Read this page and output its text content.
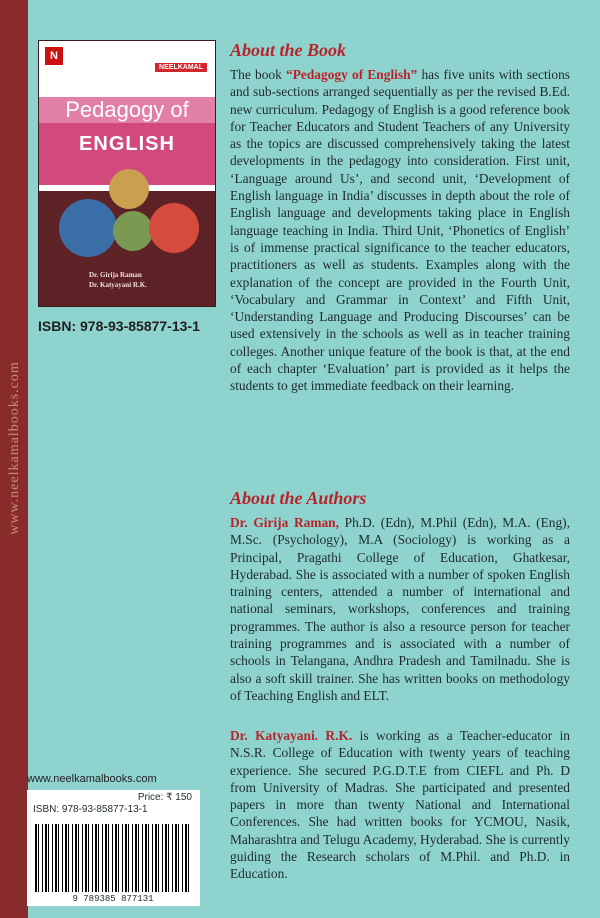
www.neelkamalbooks.com
N
NEELKAMAL
Pedagogy of
ENGLISH
Dr. Girija Raman
Dr. Katyayani R.K.
ISBN: 978-93-85877-13-1
About the Book

The book “Pedagogy of English” has five units with sections and sub-sections arranged sequentially as per the revised B.Ed. new curriculum. Pedagogy of English is a good reference book for Teacher Educators and Student Teachers of any University as the topics are discussed comprehensively taking the latest developments in the pedagogy into consideration. First unit, ‘Language around Us’, and second unit, ‘Development of English language in India’ discusses in depth about the role of English language and developments taking place in English language teaching in India. Third Unit, ‘Phonetics of English’ is of immense practical significance to the teacher educators, practitioners as well as students. Examples along with the explanation of the concept are provided in the Fourth Unit, ‘Vocabulary and Grammar in Context’ and Fifth Unit, ‘Understanding Language and Producing Discourses’ can be used extensively in the schools as well as in teacher training colleges. Another unique feature of the book is that, at the end of each chapter ‘Evaluation’ part is provided as it helps the students to get immediate feedback on their learning.

About the Authors

Dr. Girija Raman, Ph.D. (Edn), M.Phil (Edn), M.A. (Eng), M.Sc. (Psychology), M.A (Sociology) is working as a Principal, Pragathi College of Education, Ghatkesar, Hyderabad. She is associated with a number of spoken English training centers, attended a number of international and national seminars, workshops, conferences and training programmes. The author is also a resource person for teacher training programmes and is associated with a number of schools in Telangana, Andhra Pradesh and Tamilnadu. She is also a soft skill trainer. She has written books on methodology of Teaching English and ELT.

Dr. Katyayani. R.K. is working as a Teacher-educator in N.S.R. College of Education with twenty years of teaching experience. She secured P.G.D.T.E from CIEFL and Ph. D from University of Madras. She participated and presented papers in more than twenty National and International Conferences. She had written books for YCMOU, Nasik, Maharashtra and Telugu Academy, Hyderabad. She is currently guiding the Research scholars of M.Phil. and Ph.D. in Education.

www.neelkamalbooks.com
Price: ₹ 150
ISBN: 978-93-85877-13-1
9 789385 877131
